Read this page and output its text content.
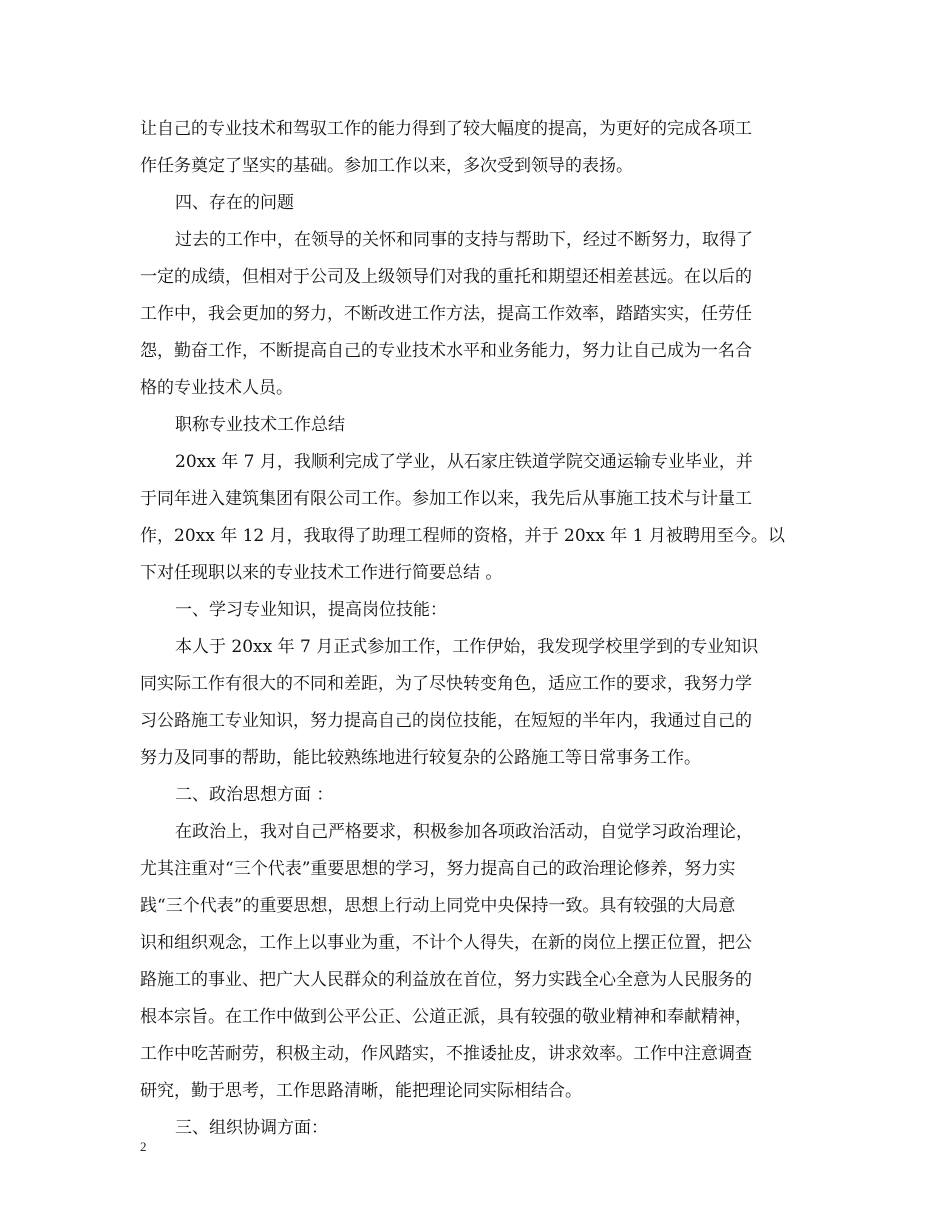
让自己的专业技术和驾驭工作的能力得到了较大幅度的提高，为更好的完成各项工
作任务奠定了坚实的基础。参加工作以来，多次受到领导的表扬。
四、存在的问题
过去的工作中，在领导的关怀和同事的支持与帮助下，经过不断努力，取得了
一定的成绩，但相对于公司及上级领导们对我的重托和期望还相差甚远。在以后的
工作中，我会更加的努力，不断改进工作方法，提高工作效率，踏踏实实，任劳任
怨，勤奋工作，不断提高自己的专业技术水平和业务能力，努力让自己成为一名合
格的专业技术人员。
职称专业技术工作总结
20xx 年 7 月，我顺利完成了学业，从石家庄铁道学院交通运输专业毕业，并
于同年进入建筑集团有限公司工作。参加工作以来，我先后从事施工技术与计量工
作，20xx 年 12 月，我取得了助理工程师的资格，并于 20xx 年 1 月被聘用至今。以
下对任现职以来的专业技术工作进行简要总结 。
一、学习专业知识，提高岗位技能：
本人于 20xx 年 7 月正式参加工作，工作伊始，我发现学校里学到的专业知识
同实际工作有很大的不同和差距，为了尽快转变角色，适应工作的要求，我努力学
习公路施工专业知识，努力提高自己的岗位技能，在短短的半年内，我通过自己的
努力及同事的帮助，能比较熟练地进行较复杂的公路施工等日常事务工作。
二、政治思想方面 ：
在政治上，我对自己严格要求，积极参加各项政治活动，自觉学习政治理论，
尤其注重对“三个代表”重要思想的学习，努力提高自己的政治理论修养，努力实
践“三个代表”的重要思想，思想上行动上同党中央保持一致。具有较强的大局意
识和组织观念，工作上以事业为重，不计个人得失，在新的岗位上摆正位置，把公
路施工的事业、把广大人民群众的利益放在首位，努力实践全心全意为人民服务的
根本宗旨。在工作中做到公平公正、公道正派，具有较强的敬业精神和奉献精神，
工作中吃苦耐劳，积极主动，作风踏实，不推诿扯皮，讲求效率。工作中注意调查
研究，勤于思考，工作思路清晰，能把理论同实际相结合。
三、组织协调方面：
2
